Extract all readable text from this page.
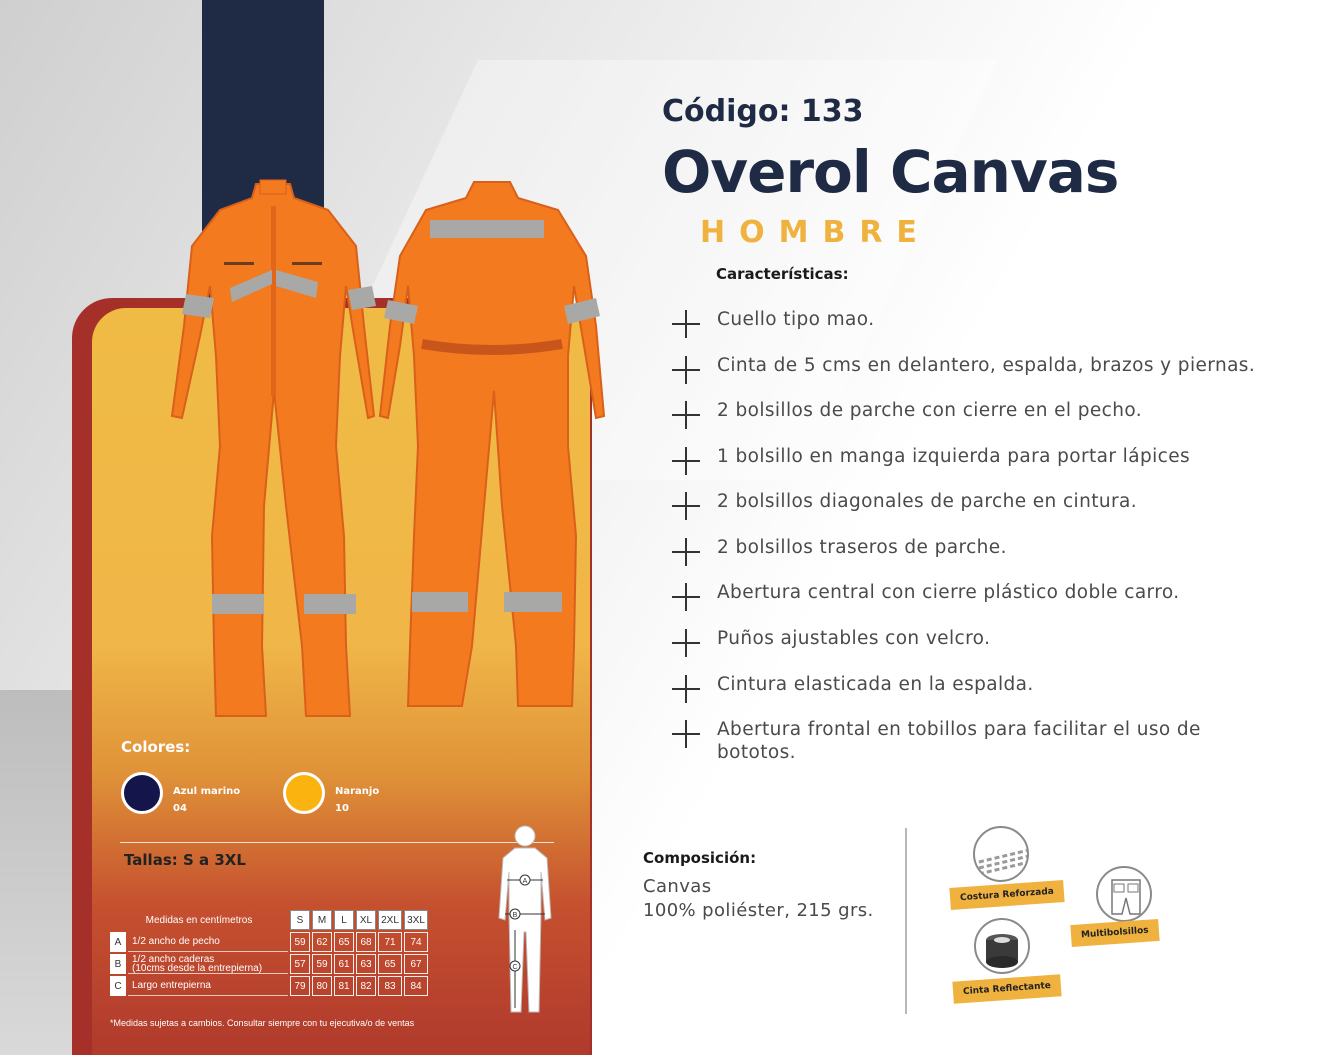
Colores:
Azul marino
04
Naranjo
10
Tallas: S a 3XL
Medidas en centímetros		S	M	L	XL	2XL	3XL
A	1/2 ancho de pecho	59	62	65	68	71	74
B	1/2 ancho caderas
(10cms desde la entrepierna)	57	59	61	63	65	67
C	Largo entrepierna	79	80	81	82	83	84
*Medidas sujetas a cambios. Consultar siempre con tu ejecutivа/o de ventas
A
B
C
Código: 133
Overol Canvas
HOMBRE
Características:
Cuello tipo mao.
Cinta de 5 cms en delantero, espalda, brazos y piernas.
2 bolsillos de parche con cierre en el pecho.
1 bolsillo en manga izquierda para portar lápices
2 bolsillos diagonales de parche en cintura.
2 bolsillos traseros de parche.
Abertura central con cierre plástico doble carro.
Puños ajustables con velcro.
Cintura elasticada en la espalda.
Abertura frontal en tobillos para facilitar el uso de bototos.
Composición:
Canvas
100% poliéster, 215 grs.
Costura Reforzada
Multibolsillos
Cinta Reflectante
